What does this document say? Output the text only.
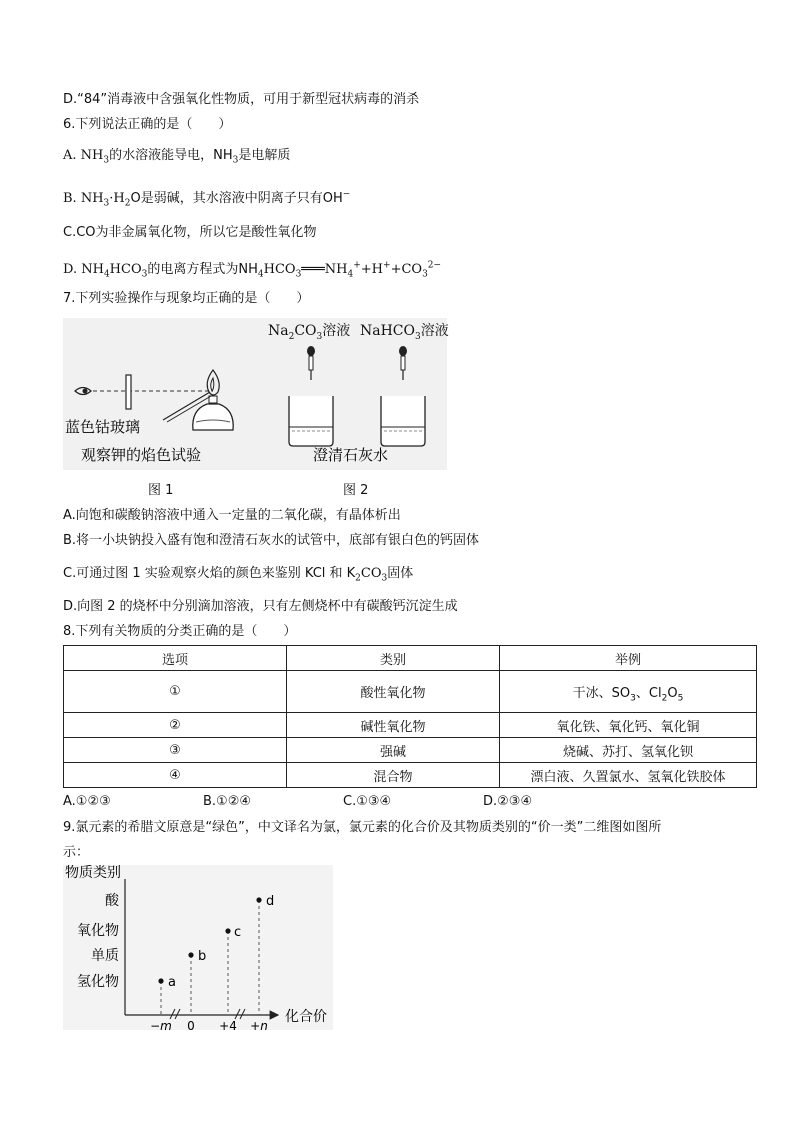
D.“84”消毒液中含强氧化性物质，可用于新型冠状病毒的消杀
6.下列说法正确的是（　　）
A. $NH_3$的水溶液能导电，$NH_3$是电解质
B. $NH_3\cdot H_2O$是弱碱，其水溶液中阴离子只有OH−
C.CO为非金属氧化物，所以它是酸性氧化物
D. $NH_4HCO_3$的电离方程式为$NH_4HCO_3═══NH_4^++H^++CO_3^{2-}$
7.下列实验操作与现象均正确的是（　　）
蓝色钴玻璃
观察钾的焰色试验	澄清石灰水
$Na_2CO_3$溶液 NaHCO$_3$溶液
图 1	图 2
A.向饱和碳酸钠溶液中通入一定量的二氧化碳，有晶体析出
B.将一小块钠投入盛有饱和澄清石灰水的试管中，底部有银白色的钙固体
C.可通过图 1 实验观察火焰的颜色来鉴别 KCl 和 $K_2CO_3$固体
D.向图 2 的烧杯中分别滴加溶液，只有左侧烧杯中有碳酸钙沉淀生成
8.下列有关物质的分类正确的是（　　）
选项	类别	举例
①	酸性氧化物	干冰、$SO_3$、$Cl_2O_5$
②	碱性氧化物	氧化铁、氧化钙、氧化铜
③	强碱	烧碱、苏打、氢氧化钡
④	混合物	漂白液、久置氯水、氢氧化铁胶体
A.①②③	B.①②④	C.①③④	D.②③④
9.氯元素的希腊文原意是“绿色”，中文译名为氯，氯元素的化合价及其物质类别的“价一类”二维图如图所
示：
物质类别
化合价
酸
氧化物
单质
氢化物
−m 0 +4 +n
d
c
b
a
